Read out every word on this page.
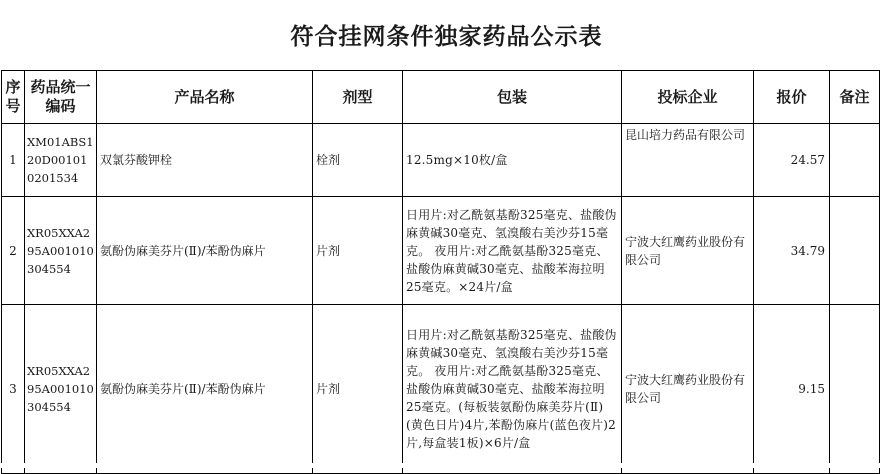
符合挂网条件独家药品公示表
序号	药品统一编码	产品名称	剂型	包装	投标企业	报价	备注
1	XM01ABS120D001010201534	双氯芬酸钾栓	栓剂	12.5mg×10枚/盒	昆山培力药品有限公司	24.57	
2	XR05XXA295A001010304554	氨酚伪麻美芬片(Ⅱ)/苯酚伪麻片	片剂	日用片:对乙酰氨基酚325毫克、盐酸伪麻黄碱30毫克、氢溴酸右美沙芬15毫克。 夜用片:对乙酰氨基酚325毫克、盐酸伪麻黄碱30毫克、盐酸苯海拉明25毫克。×24片/盒	宁波大红鹰药业股份有限公司	34.79	
3	XR05XXA295A001010304554	氨酚伪麻美芬片(Ⅱ)/苯酚伪麻片	片剂	日用片:对乙酰氨基酚325毫克、盐酸伪麻黄碱30毫克、氢溴酸右美沙芬15毫克。 夜用片:对乙酰氨基酚325毫克、盐酸伪麻黄碱30毫克、盐酸苯海拉明25毫克。(每板装氨酚伪麻美芬片(Ⅱ)(黄色日片)4片,苯酚伪麻片(蓝色夜片)2 片,每盒装1板)×6片/盒	宁波大红鹰药业股份有限公司	9.15	
